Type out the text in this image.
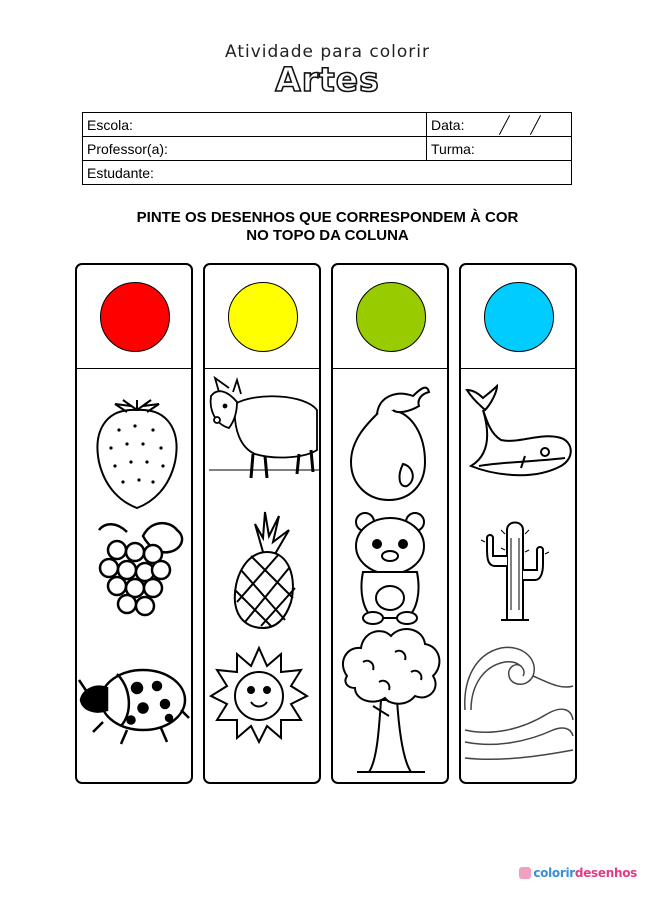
Atividade para colorir
Artes
Escola:	Data:
Professor(a):	Turma:
Estudante:	
PINTE OS DESENHOS QUE CORRESPONDEM À COR
NO TOPO DA COLUNA
colorirdesenhos
